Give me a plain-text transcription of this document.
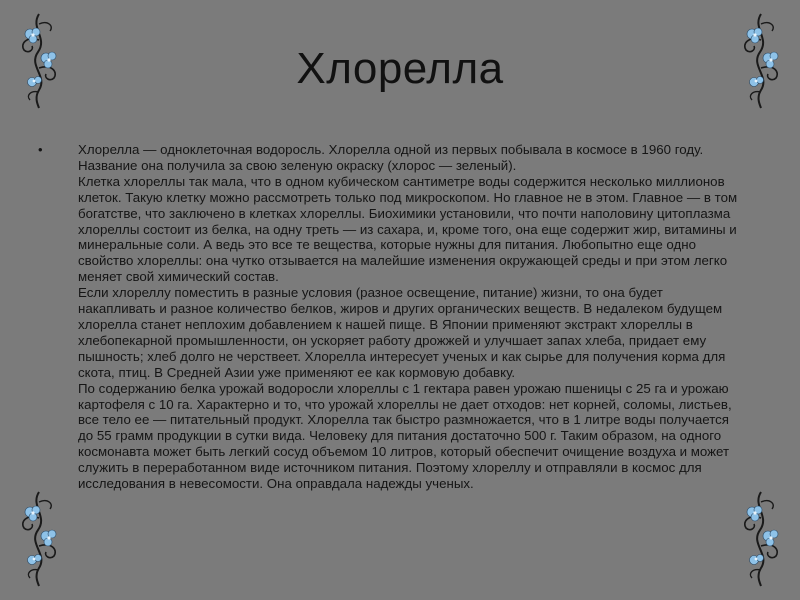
Хлорелла
•	Хлорелла — одноклеточная водоросль. Хлорелла одной из первых побывала в космосе в 1960 году. Название она получила за свою зеленую окраску (хлорос — зеленый).

Клетка хлореллы так мала, что в одном кубическом сантиметре воды содержится несколько миллионов клеток. Такую клетку можно рассмотреть только под микроскопом. Но главное не в этом. Главное — в том богатстве, что заключено в клетках хлореллы. Биохимики установили, что почти наполовину цитоплазма хлореллы состоит из белка, на одну треть — из сахара, и, кроме того, она еще содержит жир, витамины и минеральные соли. А ведь это все те вещества, которые нужны для питания. Любопытно еще одно свойство хлореллы: она чутко отзывается на малейшие изменения окружающей среды и при этом легко меняет свой химический состав.

Если хлореллу поместить в разные условия (разное освещение, питание) жизни, то она будет накапливать и разное количество белков, жиров и других органических веществ. В недалеком будущем хлорелла станет неплохим добавлением к нашей пище. В Японии применяют экстракт хлореллы в хлебопекарной промышленности, он ускоряет работу дрожжей и улучшает запах хлеба, придает ему пышность; хлеб долго не черствеет. Хлорелла интересует ученых и как сырье для получения корма для скота, птиц. В Средней Азии уже применяют ее как кормовую добавку.

По содержанию белка урожай водоросли хлореллы с 1 гектара равен урожаю пшеницы с 25 га и урожаю картофеля с 10 га. Характерно и то, что урожай хлореллы не дает отходов: нет корней, соломы, листьев, все тело ее — питательный продукт. Хлорелла так быстро размножается, что в 1 литре воды получается до 55 грамм продукции в сутки вида. Человеку для питания достаточно 500 г. Таким образом, на одного космонавта может быть легкий сосуд объемом 10 литров, который обеспечит очищение воздуха и может служить в переработанном виде источником питания. Поэтому хлореллу и отправляли в космос для исследования в невесомости. Она оправдала надежды ученых.
